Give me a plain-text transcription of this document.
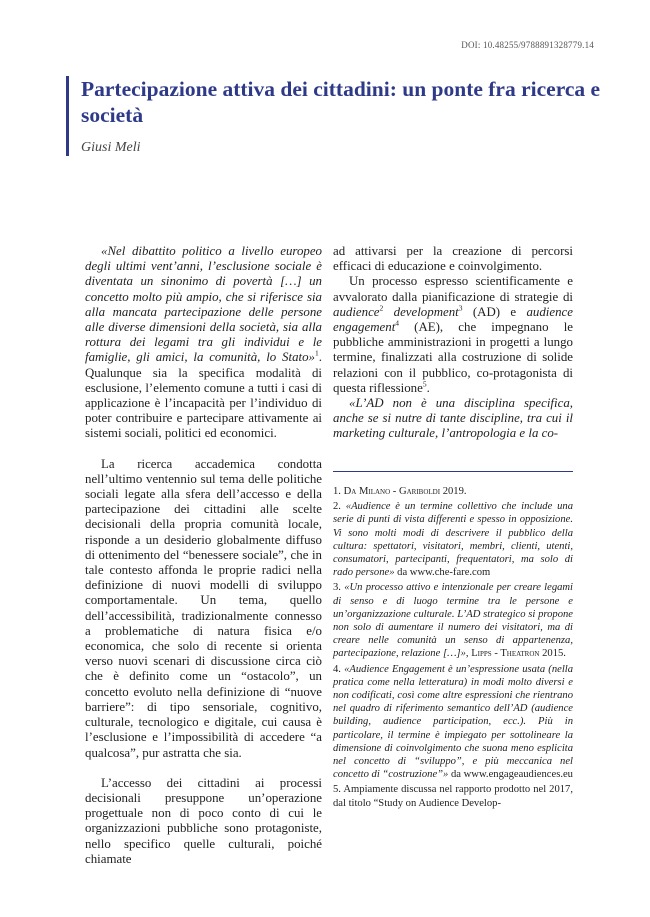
DOI: 10.48255/9788891328779.14
Partecipazione attiva dei cittadini: un ponte fra ricerca e società
Giusi Meli

«Nel dibattito politico a livello europeo degli ultimi vent’anni, l’esclusione sociale è diventata un sinonimo di povertà […] un concetto molto più ampio, che si riferisce sia alla mancata partecipazione delle persone alle diverse dimensioni della società, sia alla rottura dei legami tra gli individui e le famiglie, gli amici, la comunità, lo Stato»$^1$. Qualunque sia la specifica modalità di esclusione, l’elemento comune a tutti i casi di applicazione è l’incapacità per l’individuo di poter contribuire e partecipare attivamente ai sistemi sociali, politici ed economici.

La ricerca accademica condotta nell’ultimo ventennio sul tema delle politiche sociali legate alla sfera dell’accesso e della partecipazione dei cittadini alle scelte decisionali della propria comunità locale, risponde a un desiderio globalmente diffuso di ottenimento del “benessere sociale”, che in tale contesto affonda le proprie radici nella definizione di nuovi modelli di sviluppo comportamentale. Un tema, quello dell’accessibilità, tradizionalmente connesso a problematiche di natura fisica e/o economica, che solo di recente si orienta verso nuovi scenari di discussione circa ciò che è definito come un “ostacolo”, un concetto evoluto nella definizione di “nuove barriere”: di tipo sensoriale, cognitivo, culturale, tecnologico e digitale, cui causa è l’esclusione e l’impossibilità di accedere “a qualcosa”, pur astratta che sia.

L’accesso dei cittadini ai processi decisionali presuppone un’operazione progettuale non di poco conto di cui le organizzazioni pubbliche sono protagoniste, nello specifico quelle culturali, poiché chiamate

ad attivarsi per la creazione di percorsi efficaci di educazione e coinvolgimento.

Un processo espresso scientificamente e avvalorato dalla pianificazione di strategie di audience$^2$ development$^3$ (AD) e audience engagement$^4$ (AE), che impegnano le pubbliche amministrazioni in progetti a lungo termine, finalizzati alla costruzione di solide relazioni con il pubblico, co-protagonista di questa riflessione$^5$.

«L’AD non è una disciplina specifica, anche se si nutre di tante discipline, tra cui il marketing culturale, l’antropologia e la co-

1. Da Milano - Gariboldi 2019.

2. «Audience è un termine collettivo che include una serie di punti di vista differenti e spesso in opposizione. Vi sono molti modi di descrivere il pubblico della cultura: spettatori, visitatori, membri, clienti, utenti, consumatori, partecipanti, frequentatori, ma solo di rado persone» da www.che-fare.com

3. «Un processo attivo e intenzionale per creare legami di senso e di luogo termine tra le persone e un’organizzazione culturale. L’AD strategico si propone non solo di aumentare il numero dei visitatori, ma di creare nelle comunità un senso di appartenenza, partecipazione, relazione […]», Lipps - Theatron 2015.

4. «Audience Engagement è un’espressione usata (nella pratica come nella letteratura) in modi molto diversi e non codificati, così come altre espressioni che rientrano nel quadro di riferimento semantico dell’AD (audience building, audience participation, ecc.). Più in particolare, il termine è impiegato per sottolineare la dimensione di coinvolgimento che suona meno esplicita nel concetto di “sviluppo”, e più meccanica nel concetto di “costruzione”» da www.engageaudiences.eu

5. Ampiamente discussa nel rapporto prodotto nel 2017, dal titolo “Study on Audience Develop-
